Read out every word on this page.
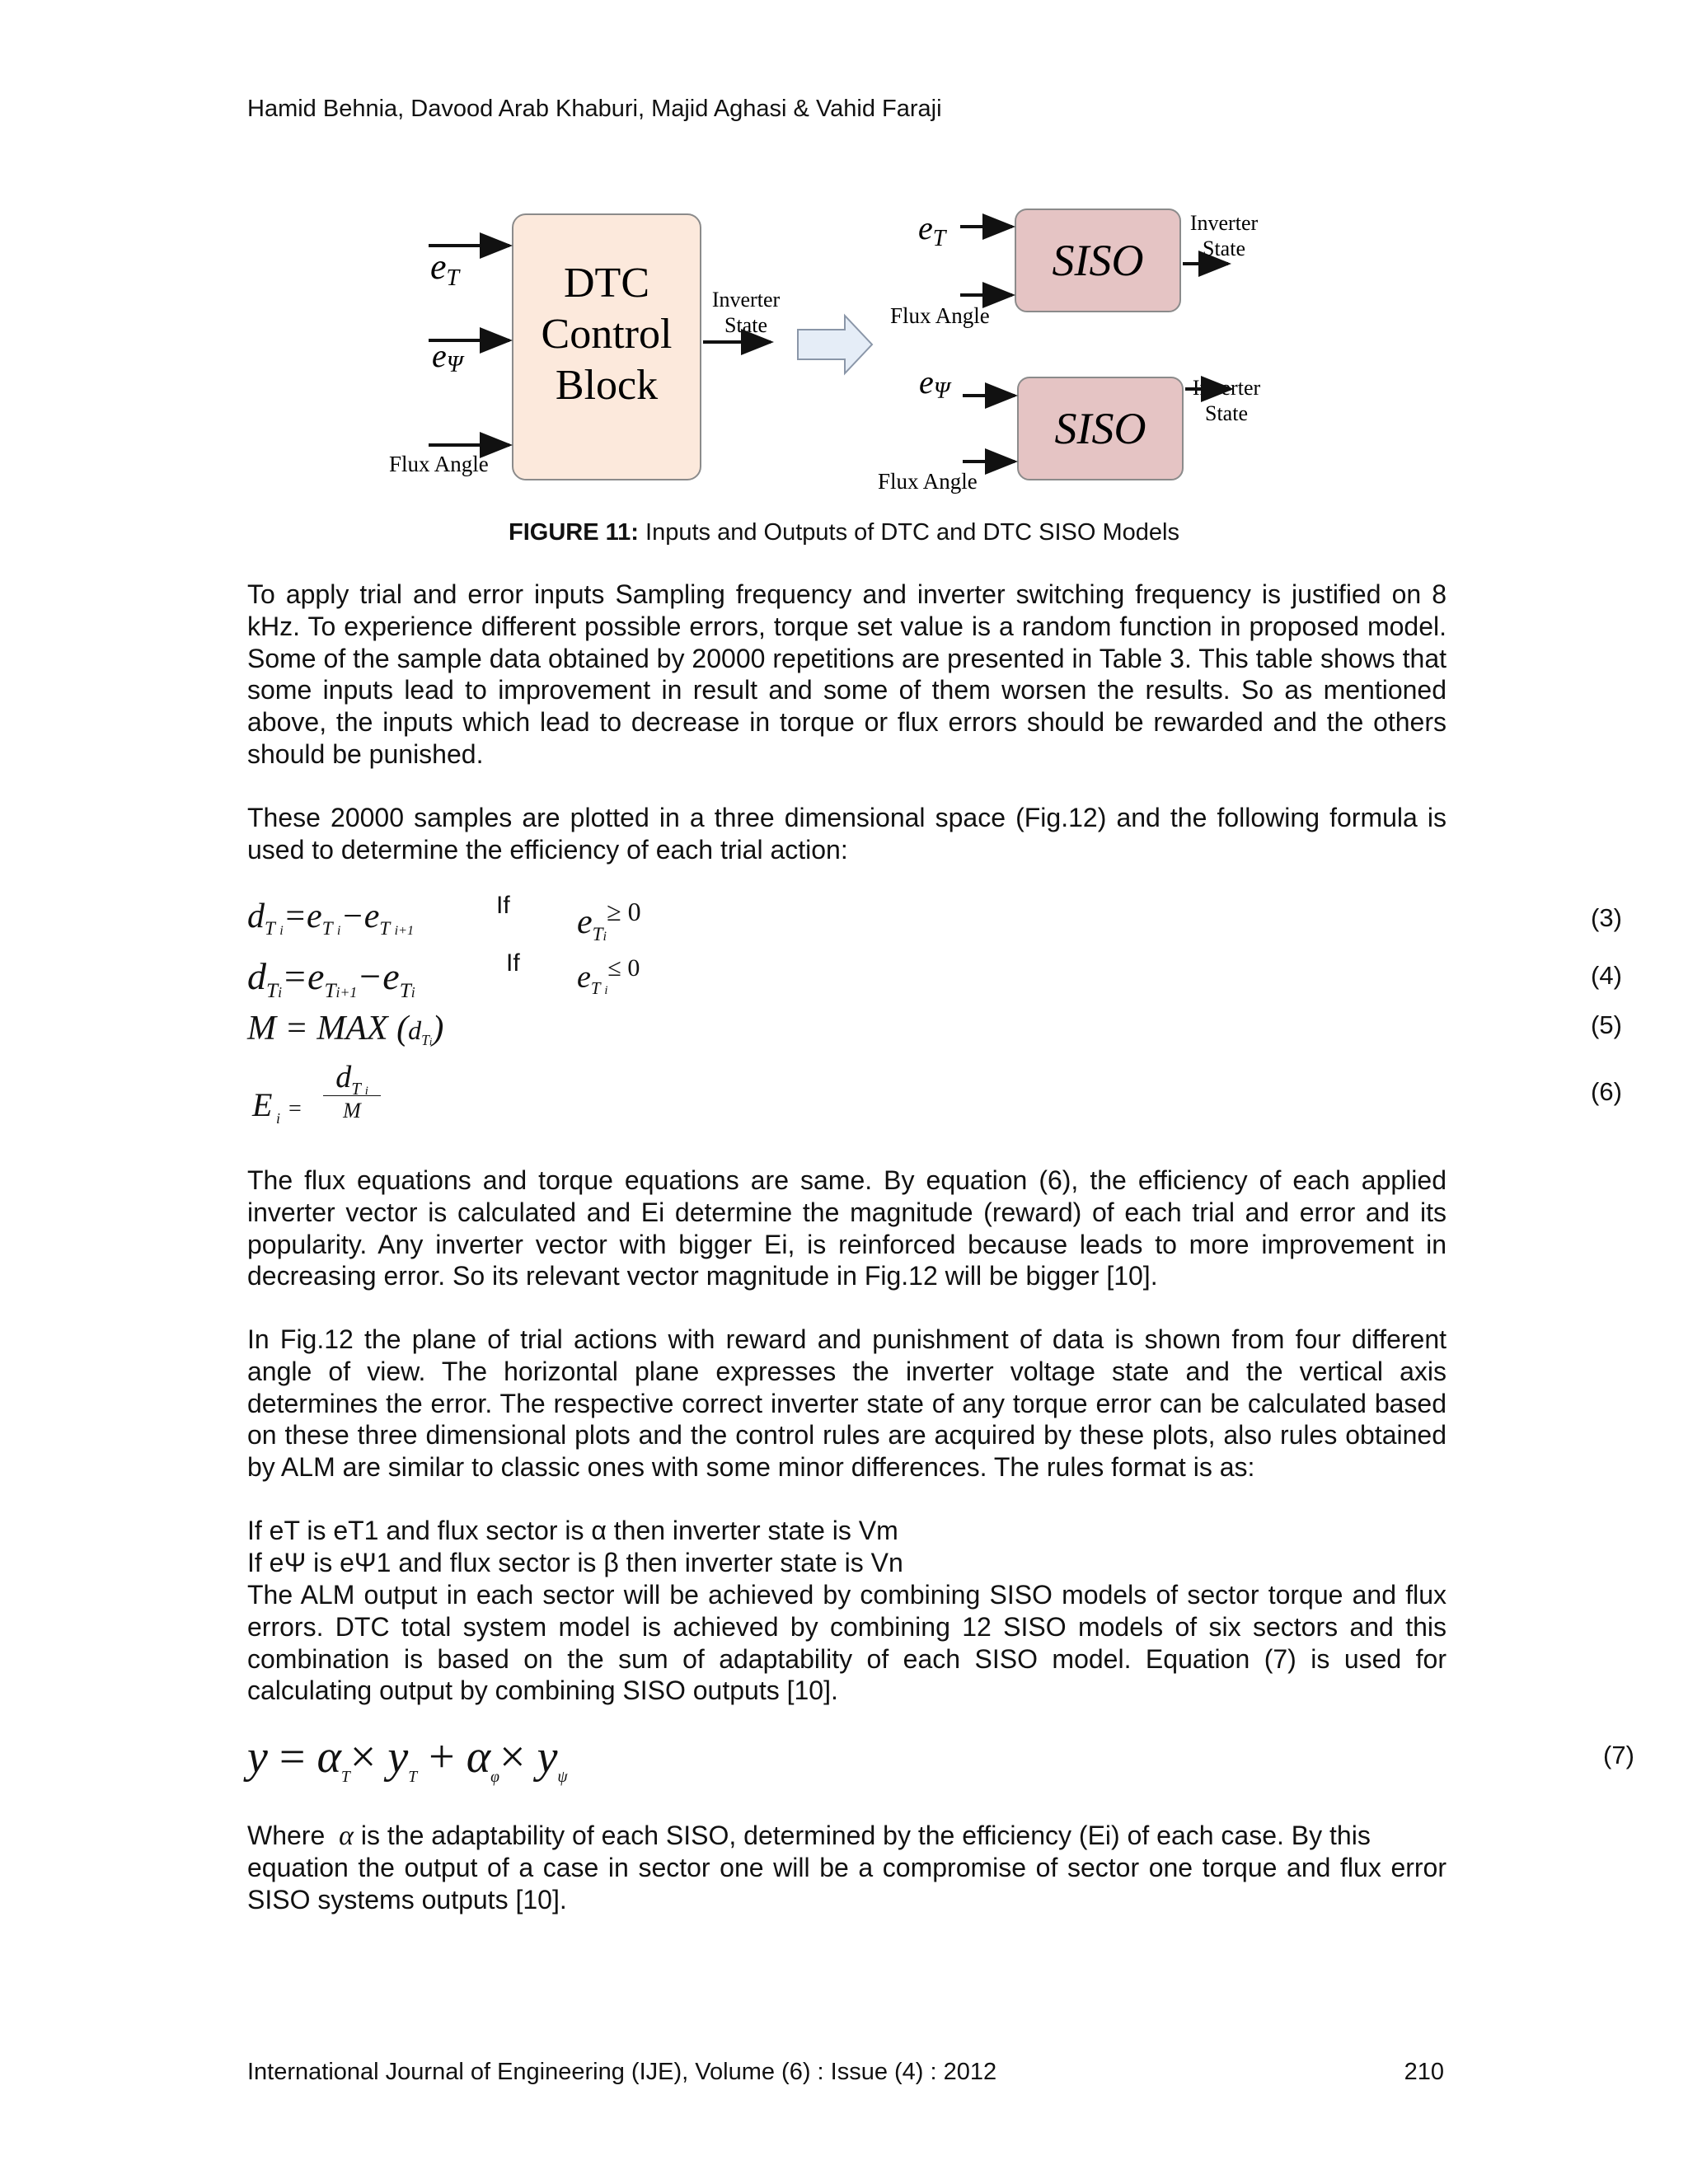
Hamid Behnia, Davood Arab Khaburi, Majid Aghasi & Vahid Faraji
DTC
Control
Block
eT
eΨ
Flux Angle
Inverter
State
SISO
$e_T$
Flux Angle
Inverter
State
SISO
eΨ
Flux Angle
Inverter
State
FIGURE 11: Inputs and Outputs of DTC and DTC SISO Models

To apply trial and error inputs Sampling frequency and inverter switching frequency is justified on 8 kHz. To experience different possible errors, torque set value is a random function in proposed model. Some of the sample data obtained by 20000 repetitions are presented in Table 3. This table shows that some inputs lead to improvement in result and some of them worsen the results. So as mentioned above, the inputs which lead to decrease in torque or flux errors should be rewarded and the others should be punished.

These 20000 samples are plotted in a three dimensional space (Fig.12) and the following formula is used to determine the efficiency of each trial action:

$d_{T i}=e_{T i}-e_{T i+1}$
If $e_{Ti}^{\ge 0}$	(3)
$d_{Ti}=e_{Ti+1}-e_{Ti}$
If $e_{T i}^{\le 0}$	(4)
M = MAX $(d_{Ti})$	(5)
E $_i$ =
$d_{T i}$
M
(6)

The flux equations and torque equations are same. By equation (6), the efficiency of each applied inverter vector is calculated and Ei determine the magnitude (reward) of each trial and error and its popularity. Any inverter vector with bigger Ei, is reinforced because leads to more improvement in decreasing error. So its relevant vector magnitude in Fig.12 will be bigger [10].

In Fig.12 the plane of trial actions with reward and punishment of data is shown from four different angle of view. The horizontal plane expresses the inverter voltage state and the vertical axis determines the error. The respective correct inverter state of any torque error can be calculated based on these three dimensional plots and the control rules are acquired by these plots, also rules obtained by ALM are similar to classic ones with some minor differences. The rules format is as:

If eT is eT1 and flux sector is α then inverter state is Vm

If eΨ is eΨ1 and flux sector is β then inverter state is Vn

The ALM output in each sector will be achieved by combining SISO models of sector torque and flux errors. DTC total system model is achieved by combining 12 SISO models of six sectors and this combination is based on the sum of adaptability of each SISO model. Equation (7) is used for calculating output by combining SISO outputs [10].

$y = \alpha_T\times y_T + \alpha_\varphi\times y_\psi$
(7)

Where α is the adaptability of each SISO, determined by the efficiency (Ei) of each case. By this

equation the output of a case in sector one will be a compromise of sector one torque and flux error SISO systems outputs [10].

International Journal of Engineering (IJE), Volume (6) : Issue (4) : 2012	210
